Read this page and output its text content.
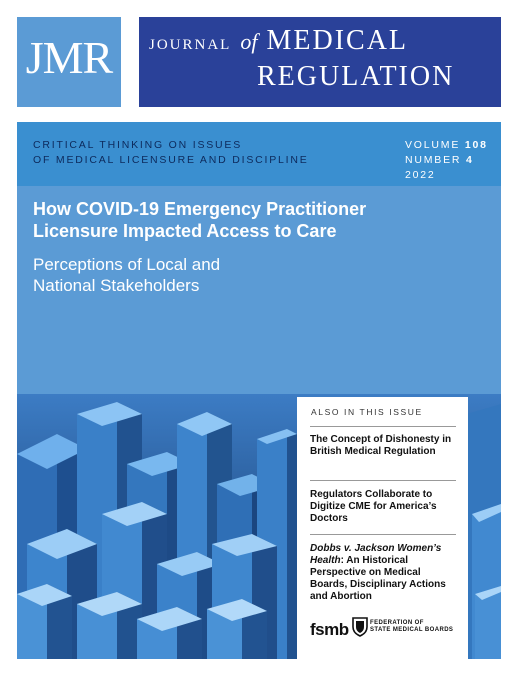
JMR	JOURNAL of MEDICAL
REGULATION
CRITICAL THINKING ON ISSUES
OF MEDICAL LICENSURE AND DISCIPLINE
VOLUME 108
NUMBER 4
2022
How COVID-19 Emergency Practitioner
Licensure Impacted Access to Care
Perceptions of Local and
National Stakeholders
ALSO IN THIS ISSUE
The Concept of Dishonesty in British Medical Regulation
Regulators Collaborate to Digitize CME for America’s Doctors
Dobbs v. Jackson Women’s Health: An Historical Perspective on Medical Boards, Disciplinary Actions and Abortion
fsmb	FEDERATION OF
STATE MEDICAL BOARDS
